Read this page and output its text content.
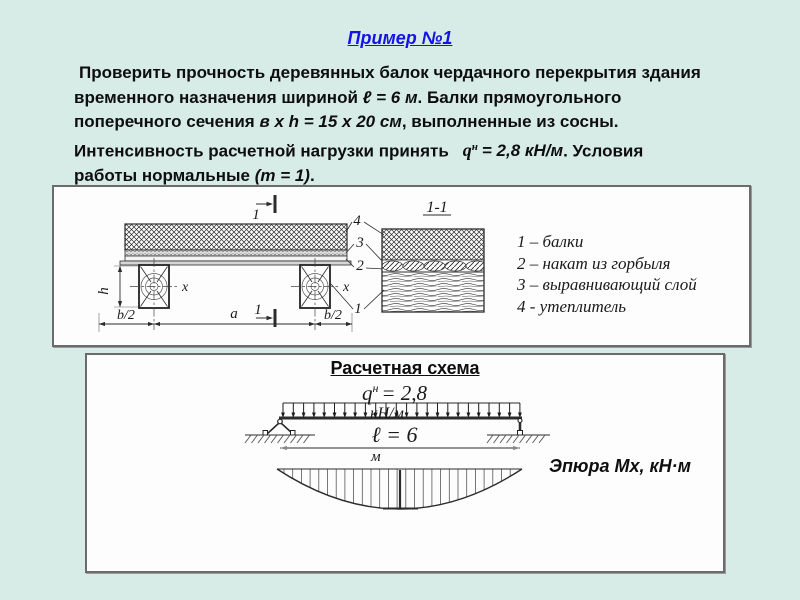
Пример №1
Проверить прочность деревянных балок чердачного перекрытия здания
временного назначения шириной ℓ = 6 м. Балки прямоугольного
поперечного сечения в х h = 15 х 20 см, выполненные из сосны.
Интенсивность расчетной нагрузки принять $q^н = 2,8$ кН/м. Условия
работы нормальные (m = 1).
x	x
h
b/2	a	b/2
1
1
4
3
2
1
1-1
1 – балки
2 – накат из горбыля
3 – выравнивающий слой
4 - утеплитель
Расчетная схема
$q^н = 2,8$
кН/м
ℓ = 6
м	Эпюра Мх, кН·м
